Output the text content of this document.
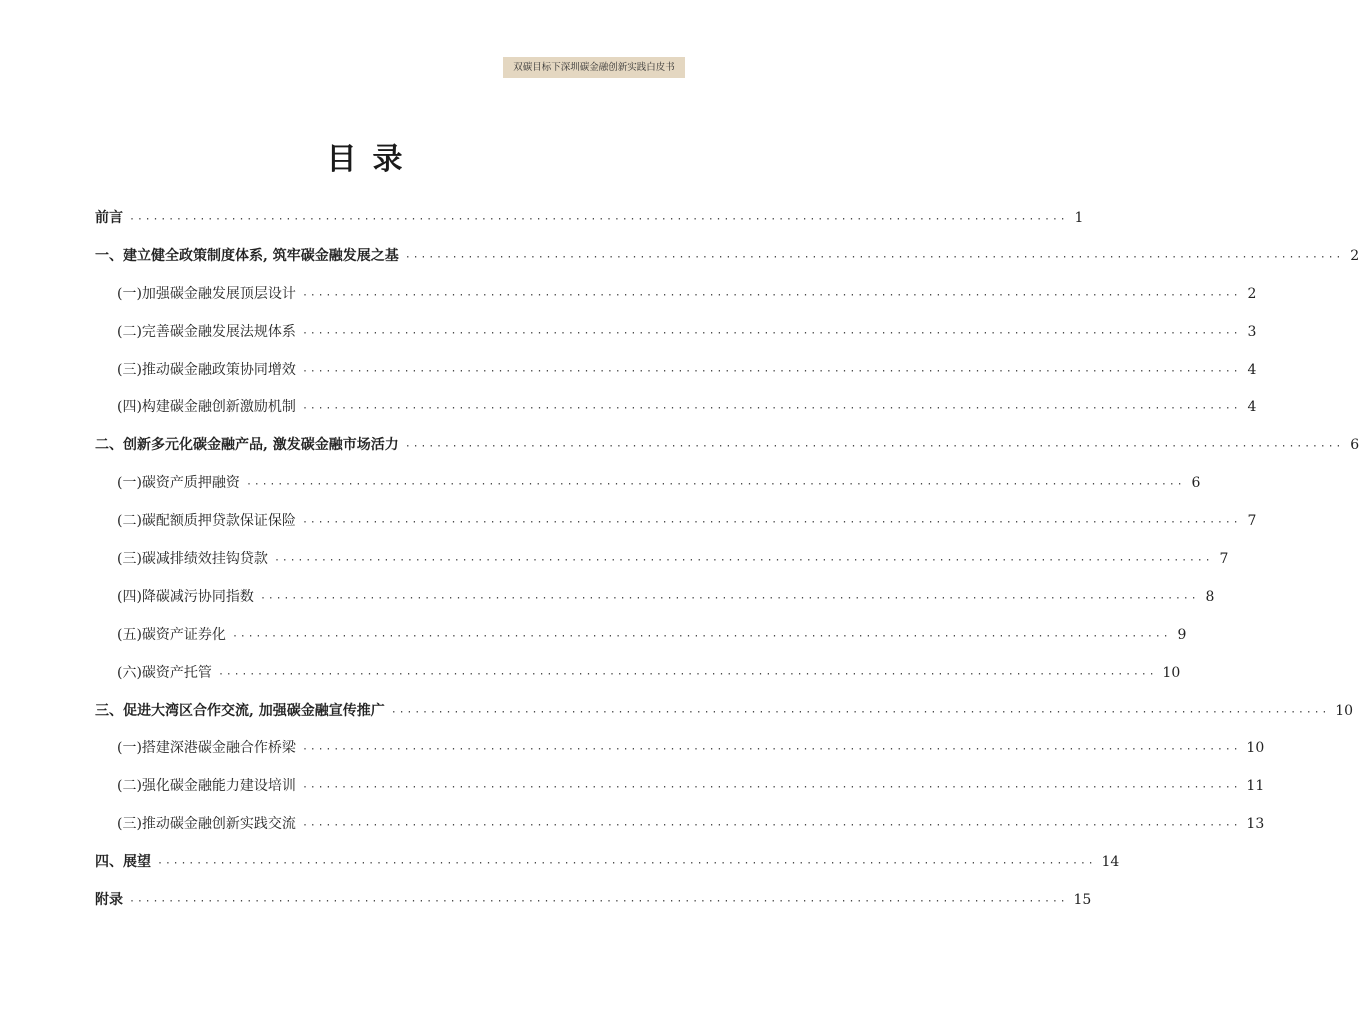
双碳目标下深圳碳金融创新实践白皮书
目录
前言 ························································································································ 1
一、建立健全政策制度体系, 筑牢碳金融发展之基 ························································································································ 2
(一)加强碳金融发展顶层设计 ························································································································ 2
(二)完善碳金融发展法规体系 ························································································································ 3
(三)推动碳金融政策协同增效 ························································································································ 4
(四)构建碳金融创新激励机制 ························································································································ 4
二、创新多元化碳金融产品, 激发碳金融市场活力 ························································································································ 6
(一)碳资产质押融资 ························································································································ 6
(二)碳配额质押贷款保证保险 ························································································································ 7
(三)碳减排绩效挂钩贷款 ························································································································ 7
(四)降碳减污协同指数 ························································································································ 8
(五)碳资产证券化 ························································································································ 9
(六)碳资产托管 ························································································································ 10
三、促进大湾区合作交流, 加强碳金融宣传推广 ························································································································ 10
(一)搭建深港碳金融合作桥梁 ························································································································ 10
(二)强化碳金融能力建设培训 ························································································································ 11
(三)推动碳金融创新实践交流 ························································································································ 13
四、展望 ························································································································ 14
附录 ························································································································ 15
